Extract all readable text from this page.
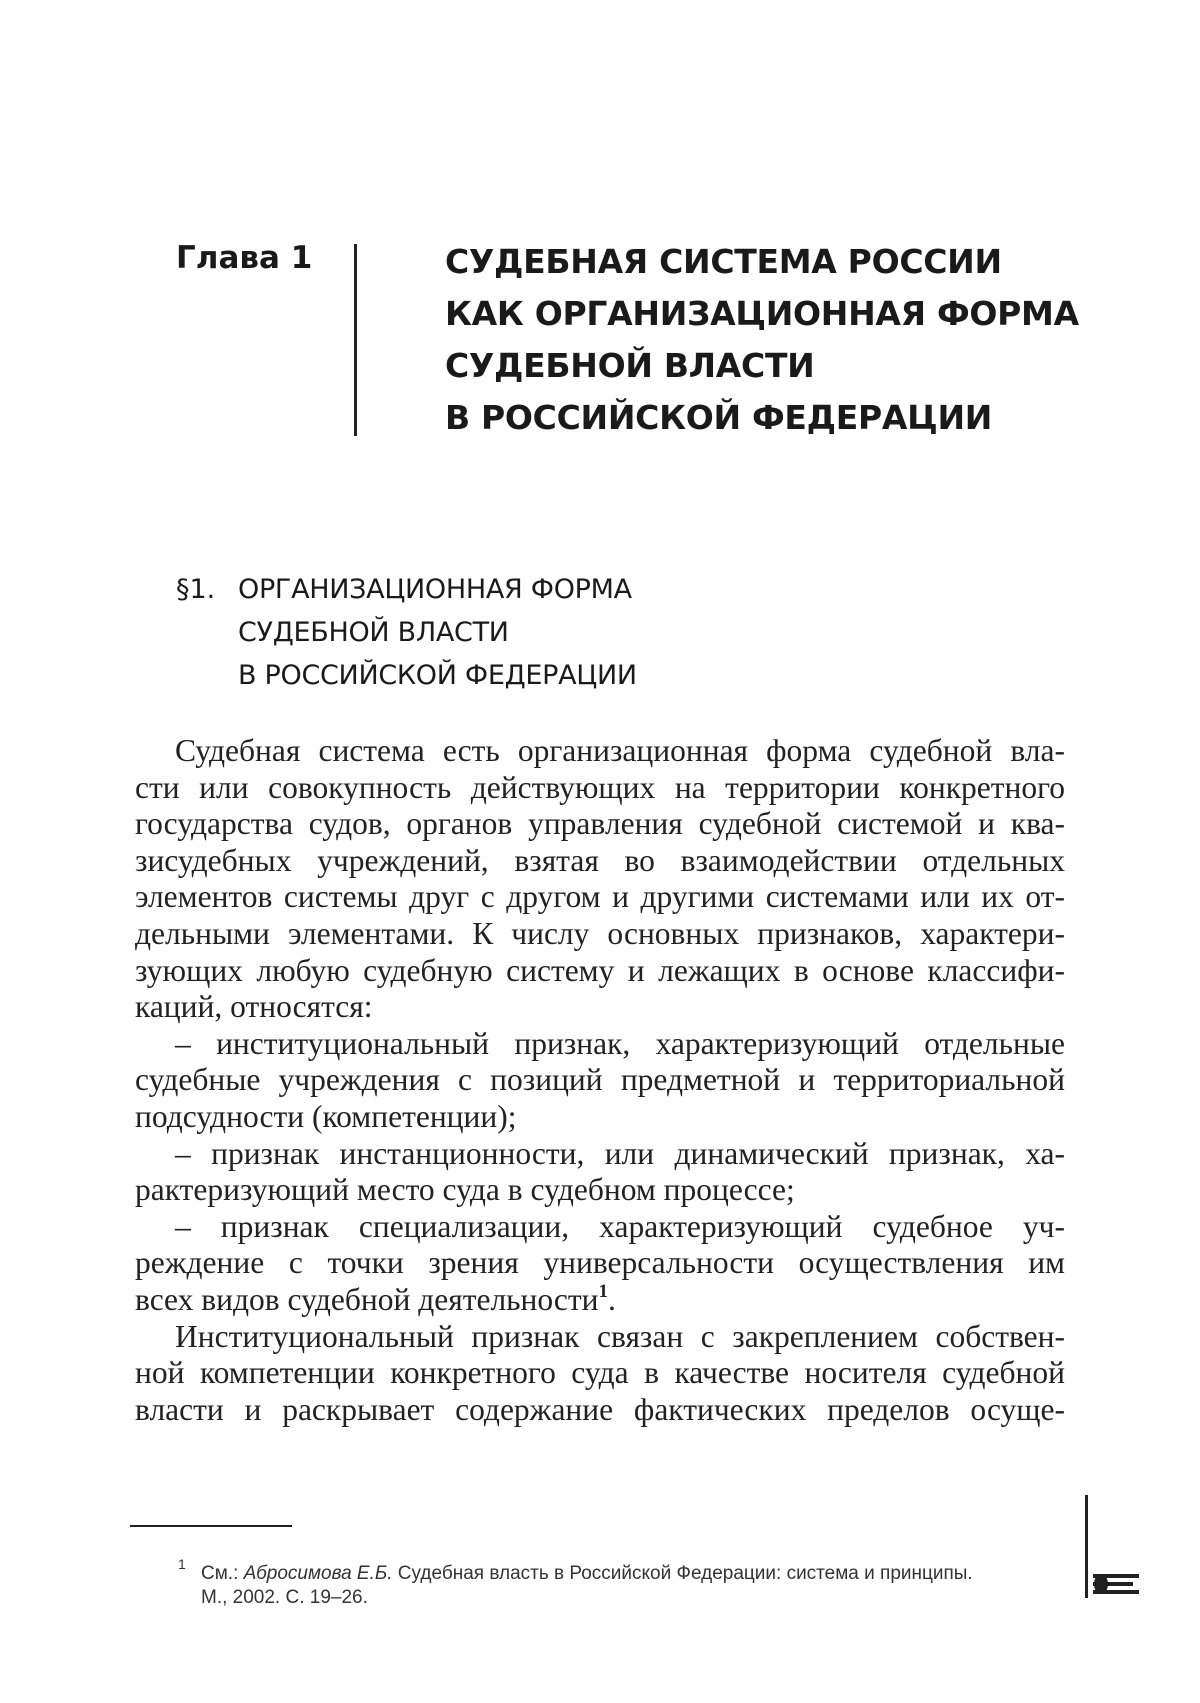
Глава 1	СУДЕБНАЯ СИСТЕМА РОССИИ
КАК ОРГАНИЗАЦИОННАЯ ФОРМА
СУДЕБНОЙ ВЛАСТИ
В РОССИЙСКОЙ ФЕДЕРАЦИИ
§1. ОРГАНИЗАЦИОННАЯ ФОРМА
СУДЕБНОЙ ВЛАСТИ
В РОССИЙСКОЙ ФЕДЕРАЦИИ
Судебная система есть организационная форма судебной вла-
сти или совокупность действующих на территории конкретного
государства судов, органов управления судебной системой и ква-
зисудебных учреждений, взятая во взаимодействии отдельных
элементов системы друг с другом и другими системами или их от-
дельными элементами. К числу основных признаков, характери-
зующих любую судебную систему и лежащих в основе классифи-
каций, относятся:
– институциональный признак, характеризующий отдельные
судебные учреждения с позиций предметной и территориальной
подсудности (компетенции);
– признак инстанционности, или динамический признак, ха-
рактеризующий место суда в судебном процессе;
– признак специализации, характеризующий судебное уч-
реждение с точки зрения универсальности осуществления им
всех видов судебной деятельности$^1$.
Институциональный признак связан с закреплением собствен-
ной компетенции конкретного суда в качестве носителя судебной
власти и раскрывает содержание фактических пределов осуще-
1 См.: Абросимова Е.Б. Судебная власть в Российской Федерации: система и принципы.
М., 2002. С. 19–26.
